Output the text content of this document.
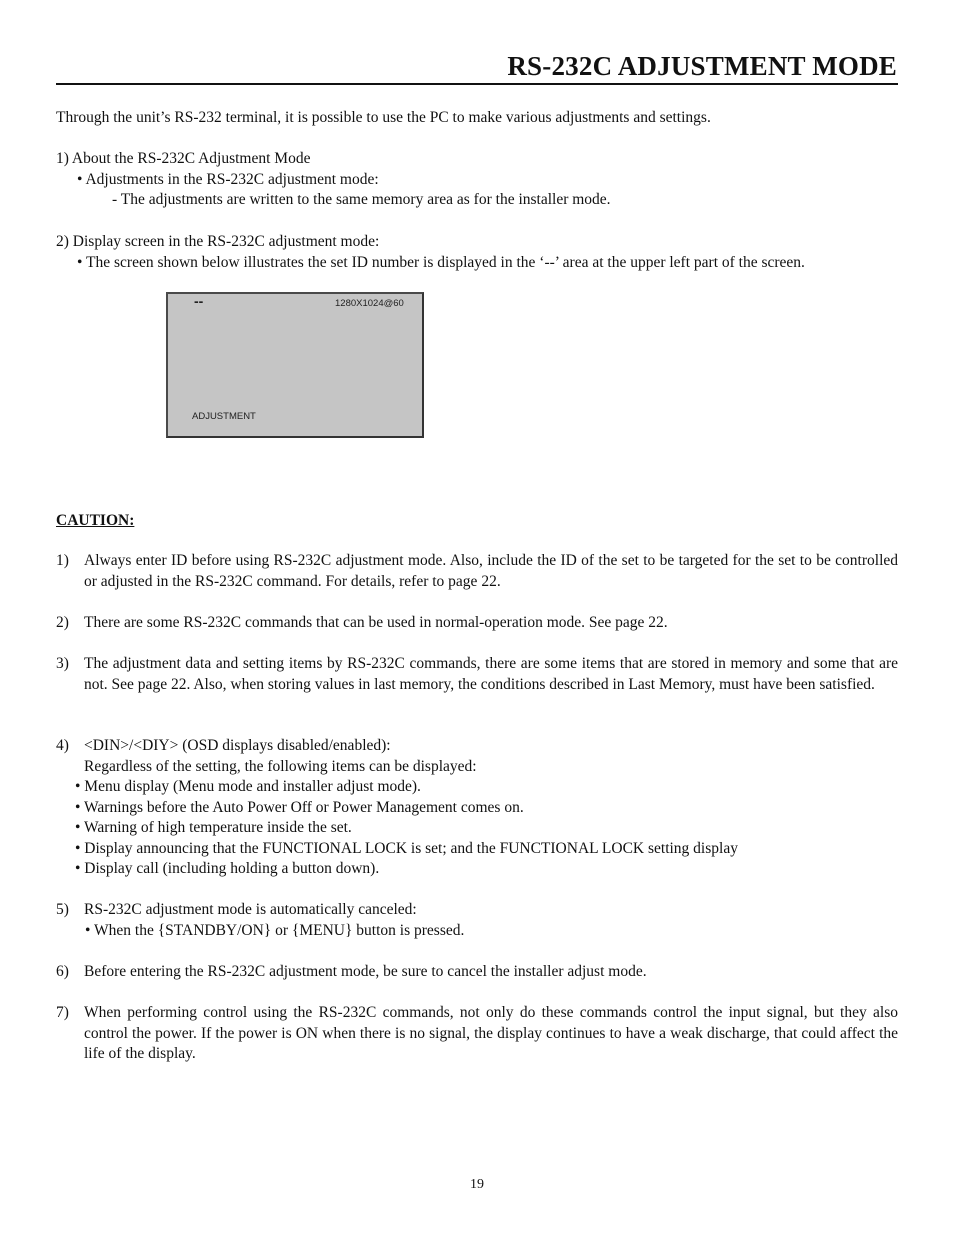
RS-232C ADJUSTMENT MODE
Through the unit’s RS-232 terminal, it is possible to use the PC to make various adjustments and settings.
1) About the RS-232C Adjustment Mode
• Adjustments in the RS-232C adjustment mode:
- The adjustments are written to the same memory area as for the installer mode.
2) Display screen in the RS-232C adjustment mode:
• The screen shown below illustrates the set ID number is displayed in the ‘--’ area at the upper left part of the screen.
--	1280X1024@60
ADJUSTMENT
CAUTION:
1) Always enter ID before using RS-232C adjustment mode. Also, include the ID of the set to be targeted for the set to be controlled or adjusted in the RS-232C command. For details, refer to page 22.
2) There are some RS-232C commands that can be used in normal-operation mode. See page 22.
3) The adjustment data and setting items by RS-232C commands, there are some items that are stored in memory and some that are not. See page 22. Also, when storing values in last memory, the conditions described in Last Memory, must have been satisfied.
4) <DIN>/<DIY> (OSD displays disabled/enabled):
Regardless of the setting, the following items can be displayed:
• Menu display (Menu mode and installer adjust mode).
• Warnings before the Auto Power Off or Power Management comes on.
• Warning of high temperature inside the set.
• Display announcing that the FUNCTIONAL LOCK is set; and the FUNCTIONAL LOCK setting display
• Display call (including holding a button down).
5) RS-232C adjustment mode is automatically canceled:
• When the {STANDBY/ON} or {MENU} button is pressed.
6) Before entering the RS-232C adjustment mode, be sure to cancel the installer adjust mode.
7) When performing control using the RS-232C commands, not only do these commands control the input signal, but they also control the power. If the power is ON when there is no signal, the display continues to have a weak discharge, that could affect the life of the display.
19
